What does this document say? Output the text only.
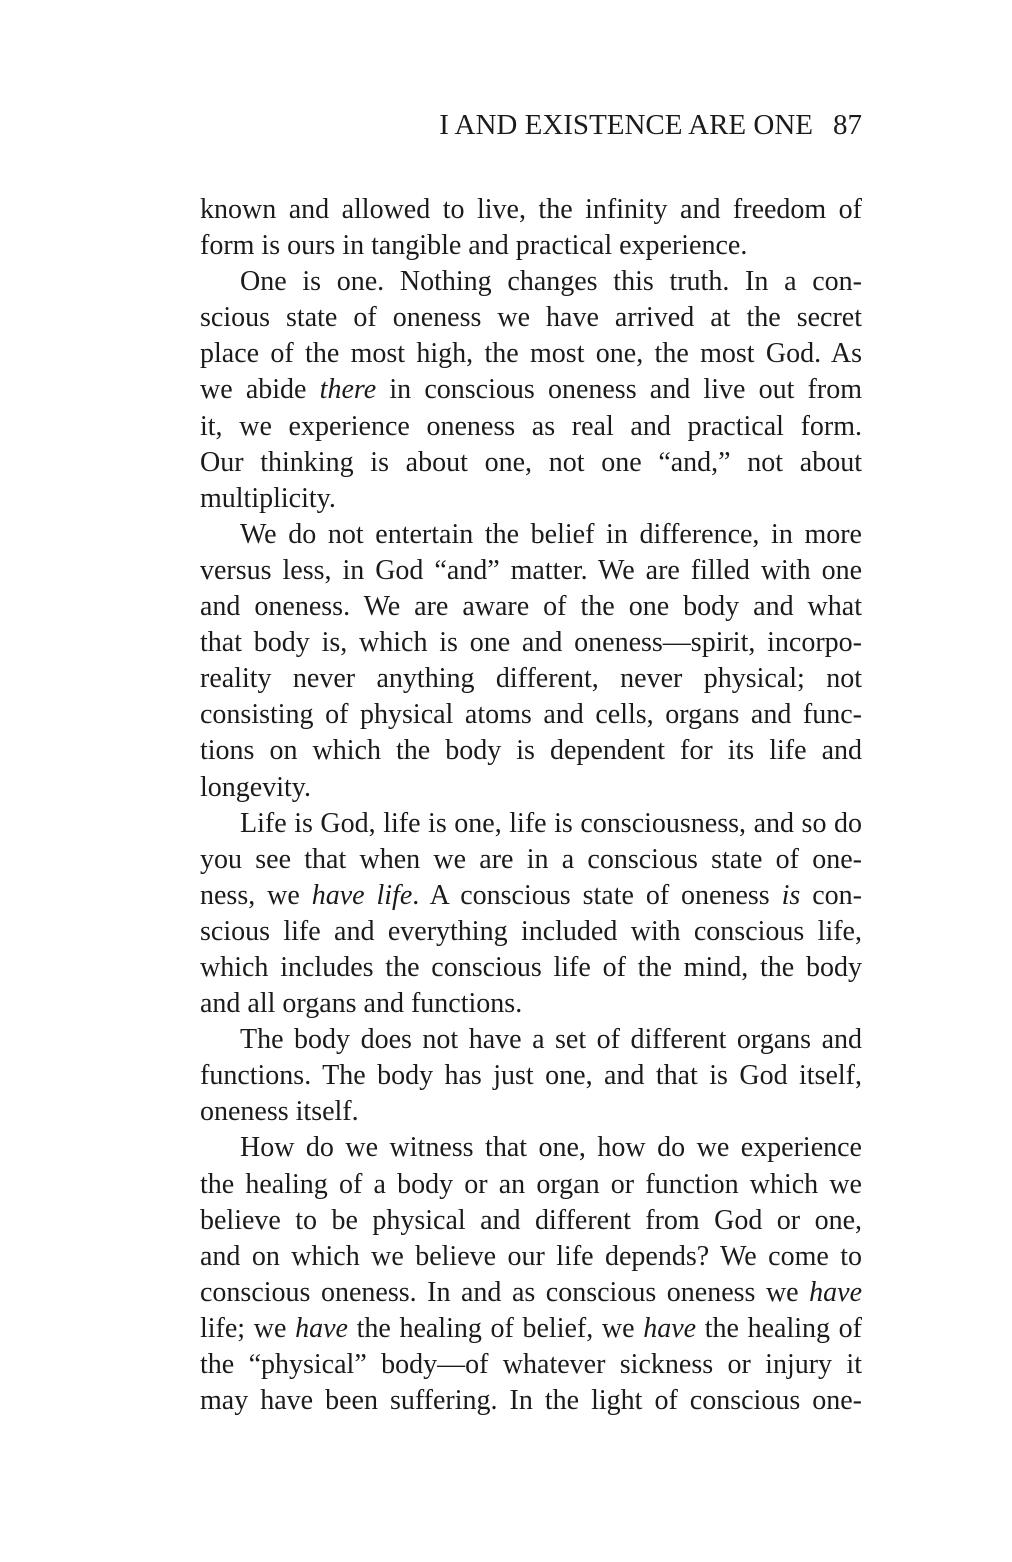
I AND EXISTENCE ARE ONE 87
known and allowed to live, the infinity and freedom of
form is ours in tangible and practical experience.
One is one. Nothing changes this truth. In a con-
scious state of oneness we have arrived at the secret
place of the most high, the most one, the most God. As
we abide there in conscious oneness and live out from
it, we experience oneness as real and practical form.
Our thinking is about one, not one “and,” not about
multiplicity.
We do not entertain the belief in difference, in more
versus less, in God “and” matter. We are filled with one
and oneness. We are aware of the one body and what
that body is, which is one and oneness—spirit, incorpo-
reality never anything different, never physical; not
consisting of physical atoms and cells, organs and func-
tions on which the body is dependent for its life and
longevity.
Life is God, life is one, life is consciousness, and so do
you see that when we are in a conscious state of one-
ness, we have life. A conscious state of oneness is con-
scious life and everything included with conscious life,
which includes the conscious life of the mind, the body
and all organs and functions.
The body does not have a set of different organs and
functions. The body has just one, and that is God itself,
oneness itself.
How do we witness that one, how do we experience
the healing of a body or an organ or function which we
believe to be physical and different from God or one,
and on which we believe our life depends? We come to
conscious oneness. In and as conscious oneness we have
life; we have the healing of belief, we have the healing of
the “physical” body—of whatever sickness or injury it
may have been suffering. In the light of conscious one-
